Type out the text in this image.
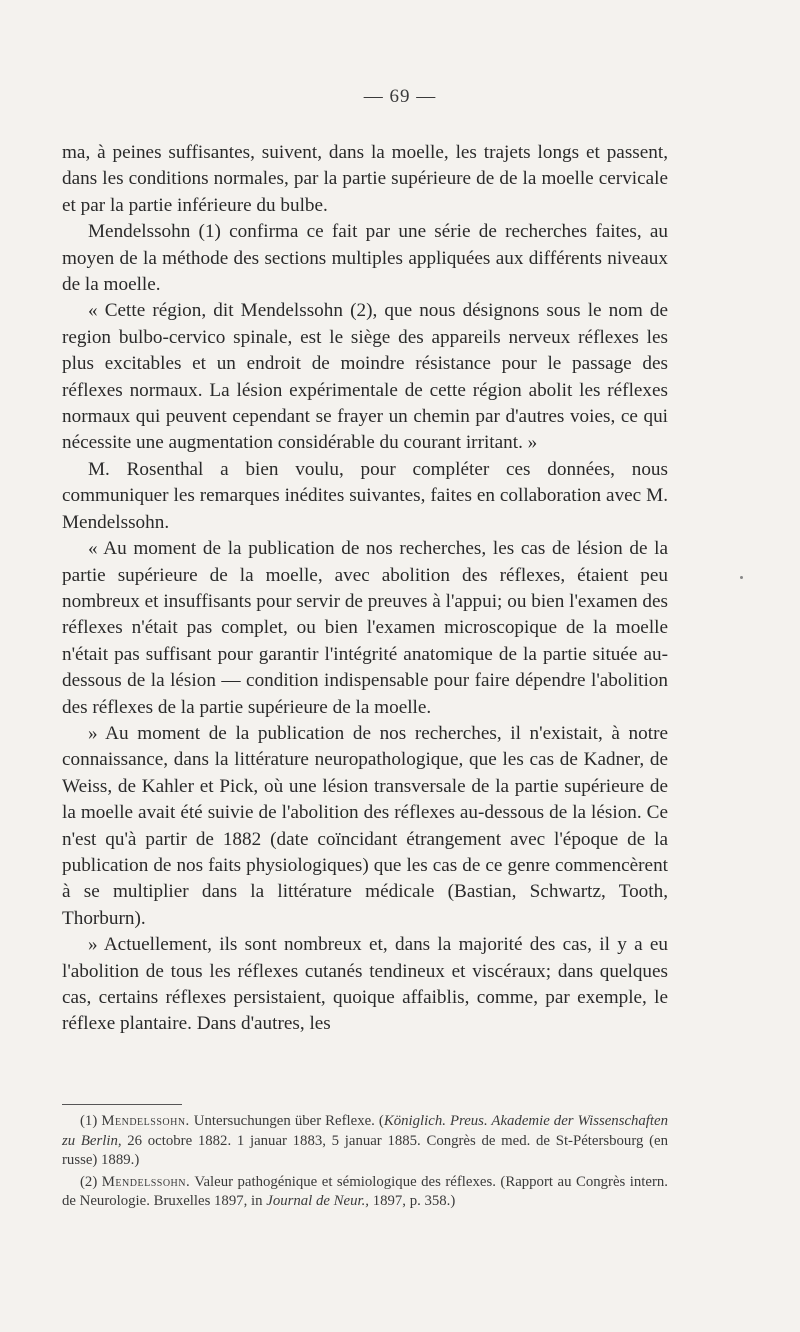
— 69 —

ma, à peines suffisantes, suivent, dans la moelle, les trajets longs et passent, dans les conditions normales, par la partie supérieure de de la moelle cervicale et par la partie inférieure du bulbe.

Mendelssohn (1) confirma ce fait par une série de recherches faites, au moyen de la méthode des sections multiples appliquées aux différents niveaux de la moelle.

« Cette région, dit Mendelssohn (2), que nous désignons sous le nom de region bulbo-cervico spinale, est le siège des appareils nerveux réflexes les plus excitables et un endroit de moindre résistance pour le passage des réflexes normaux. La lésion expérimentale de cette région abolit les réflexes normaux qui peuvent cependant se frayer un chemin par d'autres voies, ce qui nécessite une augmentation considérable du courant irritant. »

M. Rosenthal a bien voulu, pour compléter ces données, nous communiquer les remarques inédites suivantes, faites en collaboration avec M. Mendelssohn.

« Au moment de la publication de nos recherches, les cas de lésion de la partie supérieure de la moelle, avec abolition des réflexes, étaient peu nombreux et insuffisants pour servir de preuves à l'appui; ou bien l'examen des réflexes n'était pas complet, ou bien l'examen microscopique de la moelle n'était pas suffisant pour garantir l'intégrité anatomique de la partie située au-dessous de la lésion — condition indispensable pour faire dépendre l'abolition des réflexes de la partie supérieure de la moelle.

» Au moment de la publication de nos recherches, il n'existait, à notre connaissance, dans la littérature neuropathologique, que les cas de Kadner, de Weiss, de Kahler et Pick, où une lésion transversale de la partie supérieure de la moelle avait été suivie de l'abolition des réflexes au-dessous de la lésion. Ce n'est qu'à partir de 1882 (date coïncidant étrangement avec l'époque de la publication de nos faits physiologiques) que les cas de ce genre commencèrent à se multiplier dans la littérature médicale (Bastian, Schwartz, Tooth, Thorburn).

» Actuellement, ils sont nombreux et, dans la majorité des cas, il y a eu l'abolition de tous les réflexes cutanés tendineux et viscéraux; dans quelques cas, certains réflexes persistaient, quoique affaiblis, comme, par exemple, le réflexe plantaire. Dans d'autres, les

(1) Mendelssohn. Untersuchungen über Reflexe. (Königlich. Preus. Akademie der Wissenschaften zu Berlin, 26 octobre 1882. 1 januar 1883, 5 januar 1885. Congrès de med. de St-Pétersbourg (en russe) 1889.)

(2) Mendelssohn. Valeur pathogénique et sémiologique des réflexes. (Rapport au Congrès intern. de Neurologie. Bruxelles 1897, in Journal de Neur., 1897, p. 358.)
